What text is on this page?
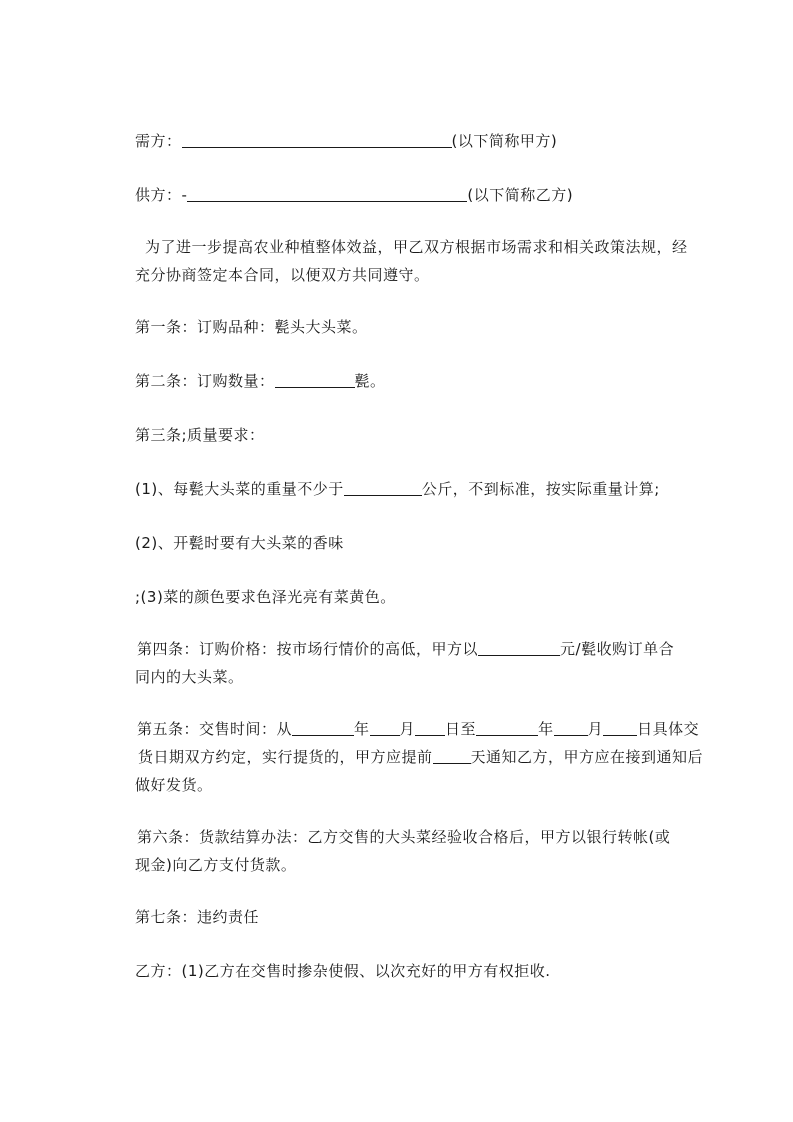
需方：	(以下简称甲方)

供方：-	(以下简称乙方)

为了进一步提高农业种植整体效益，甲乙双方根据市场需求和相关政策法规，经

充分协商签定本合同，以便双方共同遵守。

第一条：订购品种：甏头大头菜。

第二条：订购数量：	甏。

第三条;质量要求：

(1)、每甏大头菜的重量不少于	公斤，不到标准，按实际重量计算;

(2)、开甏时要有大头菜的香味

;(3)菜的颜色要求色泽光亮有菜黄色。

第四条：订购价格：按市场行情价的高低，甲方以	元/甏收购订单合

同内的大头菜。

第五条：交售时间：从	年 月 日至	年 月 日具体交

货日期双方约定，实行提货的，甲方应提前	天通知乙方，甲方应在接到通知后

做好发货。

第六条：货款结算办法：乙方交售的大头菜经验收合格后，甲方以银行转帐(或

现金)向乙方支付货款。

第七条：违约责任

乙方：(1)乙方在交售时掺杂使假、以次充好的甲方有权拒收.
